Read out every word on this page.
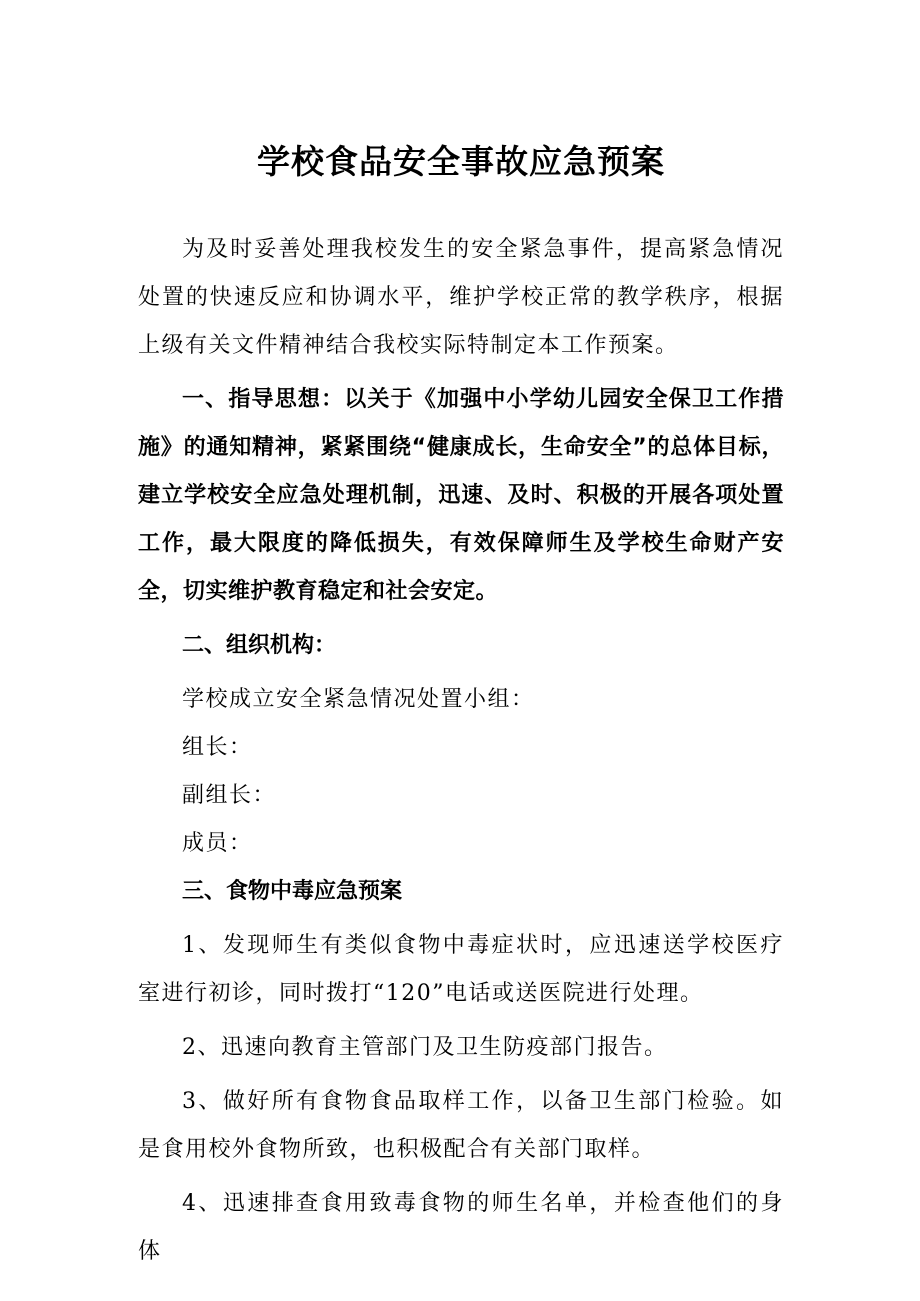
学校食品安全事故应急预案

为及时妥善处理我校发生的安全紧急事件，提高紧急情况处置的快速反应和协调水平，维护学校正常的教学秩序，根据上级有关文件精神结合我校实际特制定本工作预案。

一、指导思想：以关于《加强中小学幼儿园安全保卫工作措施》的通知精神，紧紧围绕“健康成长，生命安全”的总体目标，建立学校安全应急处理机制，迅速、及时、积极的开展各项处置工作，最大限度的降低损失，有效保障师生及学校生命财产安全，切实维护教育稳定和社会安定。

二、组织机构：

学校成立安全紧急情况处置小组：

组长：

副组长：

成员：

三、食物中毒应急预案

1、发现师生有类似食物中毒症状时，应迅速送学校医疗室进行初诊，同时拨打“120”电话或送医院进行处理。

2、迅速向教育主管部门及卫生防疫部门报告。

3、做好所有食物食品取样工作，以备卫生部门检验。如是食用校外食物所致，也积极配合有关部门取样。

4、迅速排查食用致毒食物的师生名单，并检查他们的身体
